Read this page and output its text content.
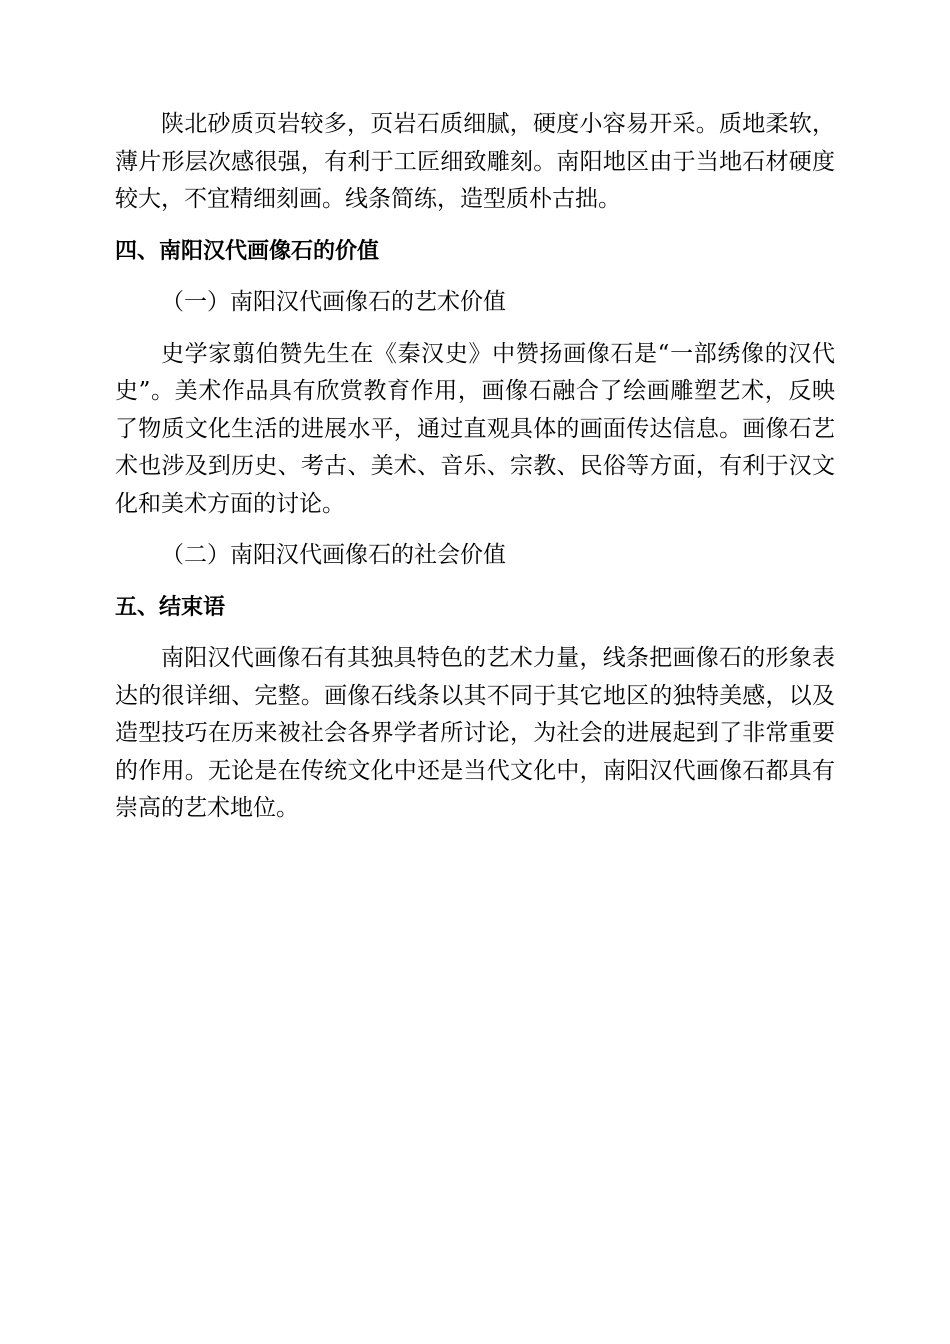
陕北砂质页岩较多，页岩石质细腻，硬度小容易开采。质地柔软，薄片形层次感很强，有利于工匠细致雕刻。南阳地区由于当地石材硬度较大，不宜精细刻画。线条简练，造型质朴古拙。

四、南阳汉代画像石的价值

（一）南阳汉代画像石的艺术价值

史学家翦伯赞先生在《秦汉史》中赞扬画像石是“一部绣像的汉代史”。美术作品具有欣赏教育作用，画像石融合了绘画雕塑艺术，反映了物质文化生活的进展水平，通过直观具体的画面传达信息。画像石艺术也涉及到历史、考古、美术、音乐、宗教、民俗等方面，有利于汉文化和美术方面的讨论。

（二）南阳汉代画像石的社会价值

五、结束语

南阳汉代画像石有其独具特色的艺术力量，线条把画像石的形象表达的很详细、完整。画像石线条以其不同于其它地区的独特美感，以及造型技巧在历来被社会各界学者所讨论，为社会的进展起到了非常重要的作用。无论是在传统文化中还是当代文化中，南阳汉代画像石都具有崇高的艺术地位。
